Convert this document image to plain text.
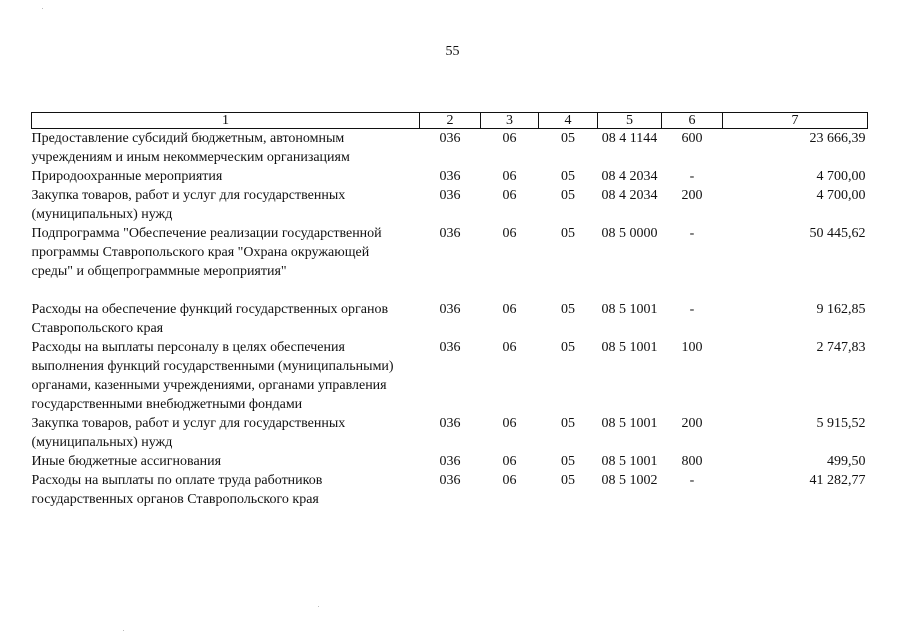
55
1	2	3	4	5	6	7
Предоставление субсидий бюджетным, автономным учреждениям и иным некоммерческим организациям	036	06	05	08 4 1144	600	23 666,39
Природоохранные мероприятия	036	06	05	08 4 2034	-	4 700,00
Закупка товаров, работ и услуг для государственных (муниципальных) нужд	036	06	05	08 4 2034	200	4 700,00
Подпрограмма "Обеспечение реализации государственной программы Ставропольского края "Охрана окружающей среды" и общепрограммные мероприятия"	036	06	05	08 5 0000	-	50 445,62
Расходы на обеспечение функций государственных органов Ставропольского края	036	06	05	08 5 1001	-	9 162,85
Расходы на выплаты персоналу в целях обеспечения выполнения функций государственными (муниципальными) органами, казенными учреждениями, органами управления государственными внебюджетными фондами	036	06	05	08 5 1001	100	2 747,83
Закупка товаров, работ и услуг для государственных (муниципальных) нужд	036	06	05	08 5 1001	200	5 915,52
Иные бюджетные ассигнования	036	06	05	08 5 1001	800	499,50
Расходы на выплаты по оплате труда работников государственных органов Ставропольского края	036	06	05	08 5 1002	-	41 282,77
